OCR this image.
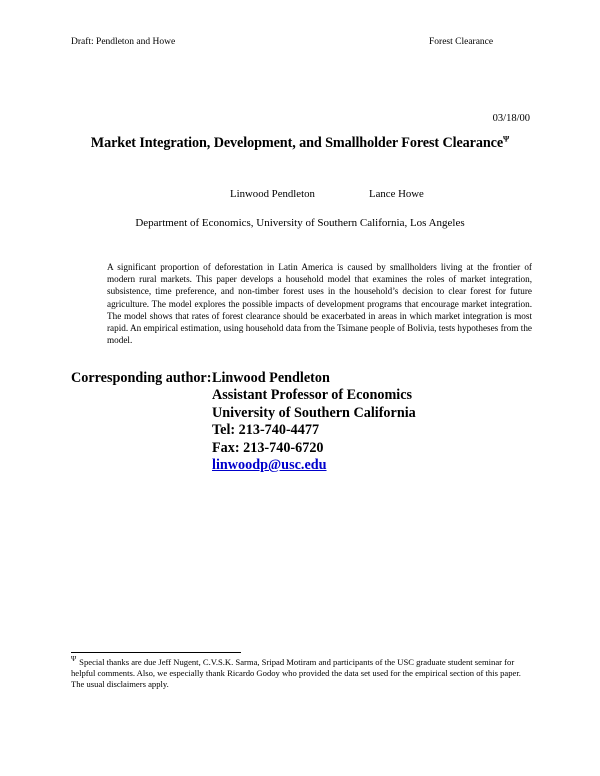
Draft: Pendleton and Howe	Forest Clearance
03/18/00
Market Integration, Development, and Smallholder Forest Clearance$^\Psi$
Linwood Pendleton	Lance Howe
Department of Economics, University of Southern California, Los Angeles

A significant proportion of deforestation in Latin America is caused by smallholders living at the frontier of modern rural markets. This paper develops a household model that examines the roles of market integration, subsistence, time preference, and non-timber forest uses in the household’s decision to clear forest for future agriculture. The model explores the possible impacts of development programs that encourage market integration. The model shows that rates of forest clearance should be exacerbated in areas in which market integration is most rapid. An empirical estimation, using household data from the Tsimane people of Bolivia, tests hypotheses from the model.

Corresponding author: Linwood Pendleton
Assistant Professor of Economics
University of Southern California
Tel: 213-740-4477
Fax: 213-740-6720
linwoodp@usc.edu

$^\Psi$ Special thanks are due Jeff Nugent, C.V.S.K. Sarma, Sripad Motiram and participants of the USC graduate student seminar for helpful comments. Also, we especially thank Ricardo Godoy who provided the data set used for the empirical section of this paper. The usual disclaimers apply.
